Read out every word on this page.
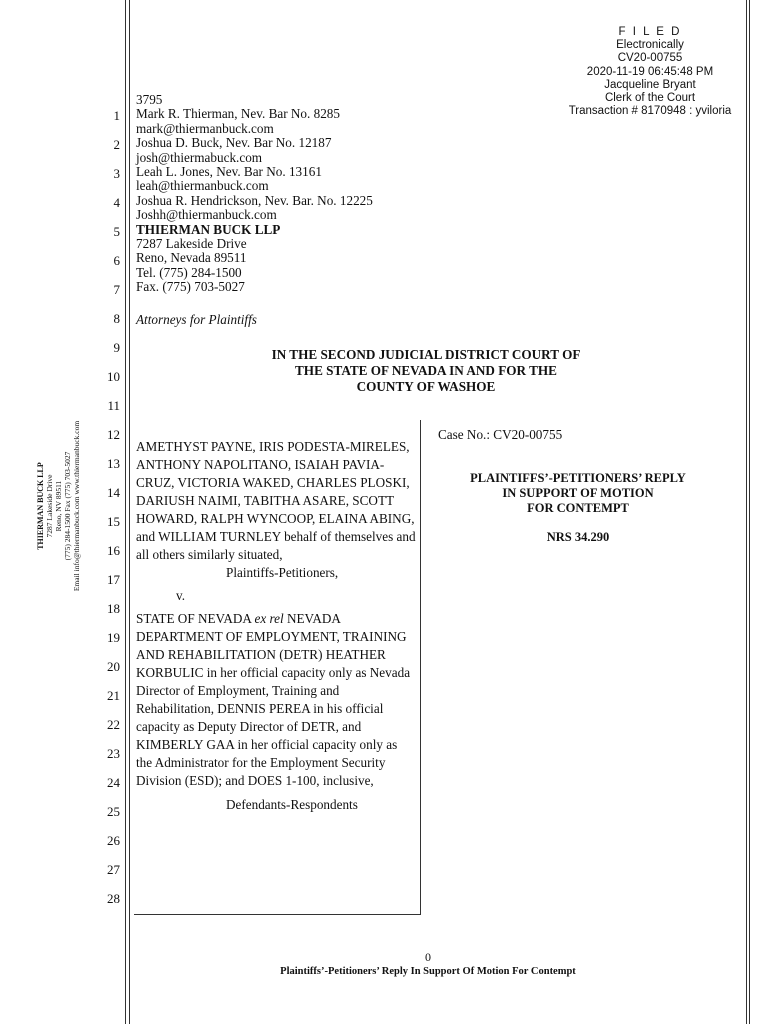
F I L E D
Electronically
CV20-00755
2020-11-19 06:45:48 PM
Jacqueline Bryant
Clerk of the Court
Transaction # 8170948 : yviloria
THIERMAN BUCK LLP 7287 Lakeside Drive Reno, NV 89511 (775) 284-1500 Fax (775) 703-5027 Email info@thiermanbuck.com www.thiermanbuck.com
1
2
3
4
5
6
7
8
9
10
11
12
13
14
15
16
17
18
19
20
21
22
23
24
25
26
27
28
3795
Mark R. Thierman, Nev. Bar No. 8285
mark@thiermanbuck.com
Joshua D. Buck, Nev. Bar No. 12187
josh@thiermabuck.com
Leah L. Jones, Nev. Bar No. 13161
leah@thiermanbuck.com
Joshua R. Hendrickson, Nev. Bar. No. 12225
Joshh@thiermanbuck.com
THIERMAN BUCK LLP
7287 Lakeside Drive
Reno, Nevada 89511
Tel. (775) 284-1500
Fax. (775) 703-5027
Attorneys for Plaintiffs
IN THE SECOND JUDICIAL DISTRICT COURT OF
THE STATE OF NEVADA IN AND FOR THE
COUNTY OF WASHOE
AMETHYST PAYNE, IRIS PODESTA-MIRELES, ANTHONY NAPOLITANO, ISAIAH PAVIA-CRUZ, VICTORIA WAKED, CHARLES PLOSKI, DARIUSH NAIMI, TABITHA ASARE, SCOTT HOWARD, RALPH WYNCOOP, ELAINA ABING, and WILLIAM TURNLEY behalf of themselves and all others similarly situated,
Plaintiffs-Petitioners,
v.
STATE OF NEVADA ex rel NEVADA DEPARTMENT OF EMPLOYMENT, TRAINING AND REHABILITATION (DETR) HEATHER KORBULIC in her official capacity only as Nevada Director of Employment, Training and Rehabilitation, DENNIS PEREA in his official capacity as Deputy Director of DETR, and KIMBERLY GAA in her official capacity only as the Administrator for the Employment Security Division (ESD); and DOES 1-100, inclusive,
Defendants-Respondents
Case No.: CV20-00755
PLAINTIFFS’-PETITIONERS’ REPLY
IN SUPPORT OF MOTION
FOR CONTEMPT
NRS 34.290
0
Plaintiffs’-Petitioners’ Reply In Support Of Motion For Contempt
